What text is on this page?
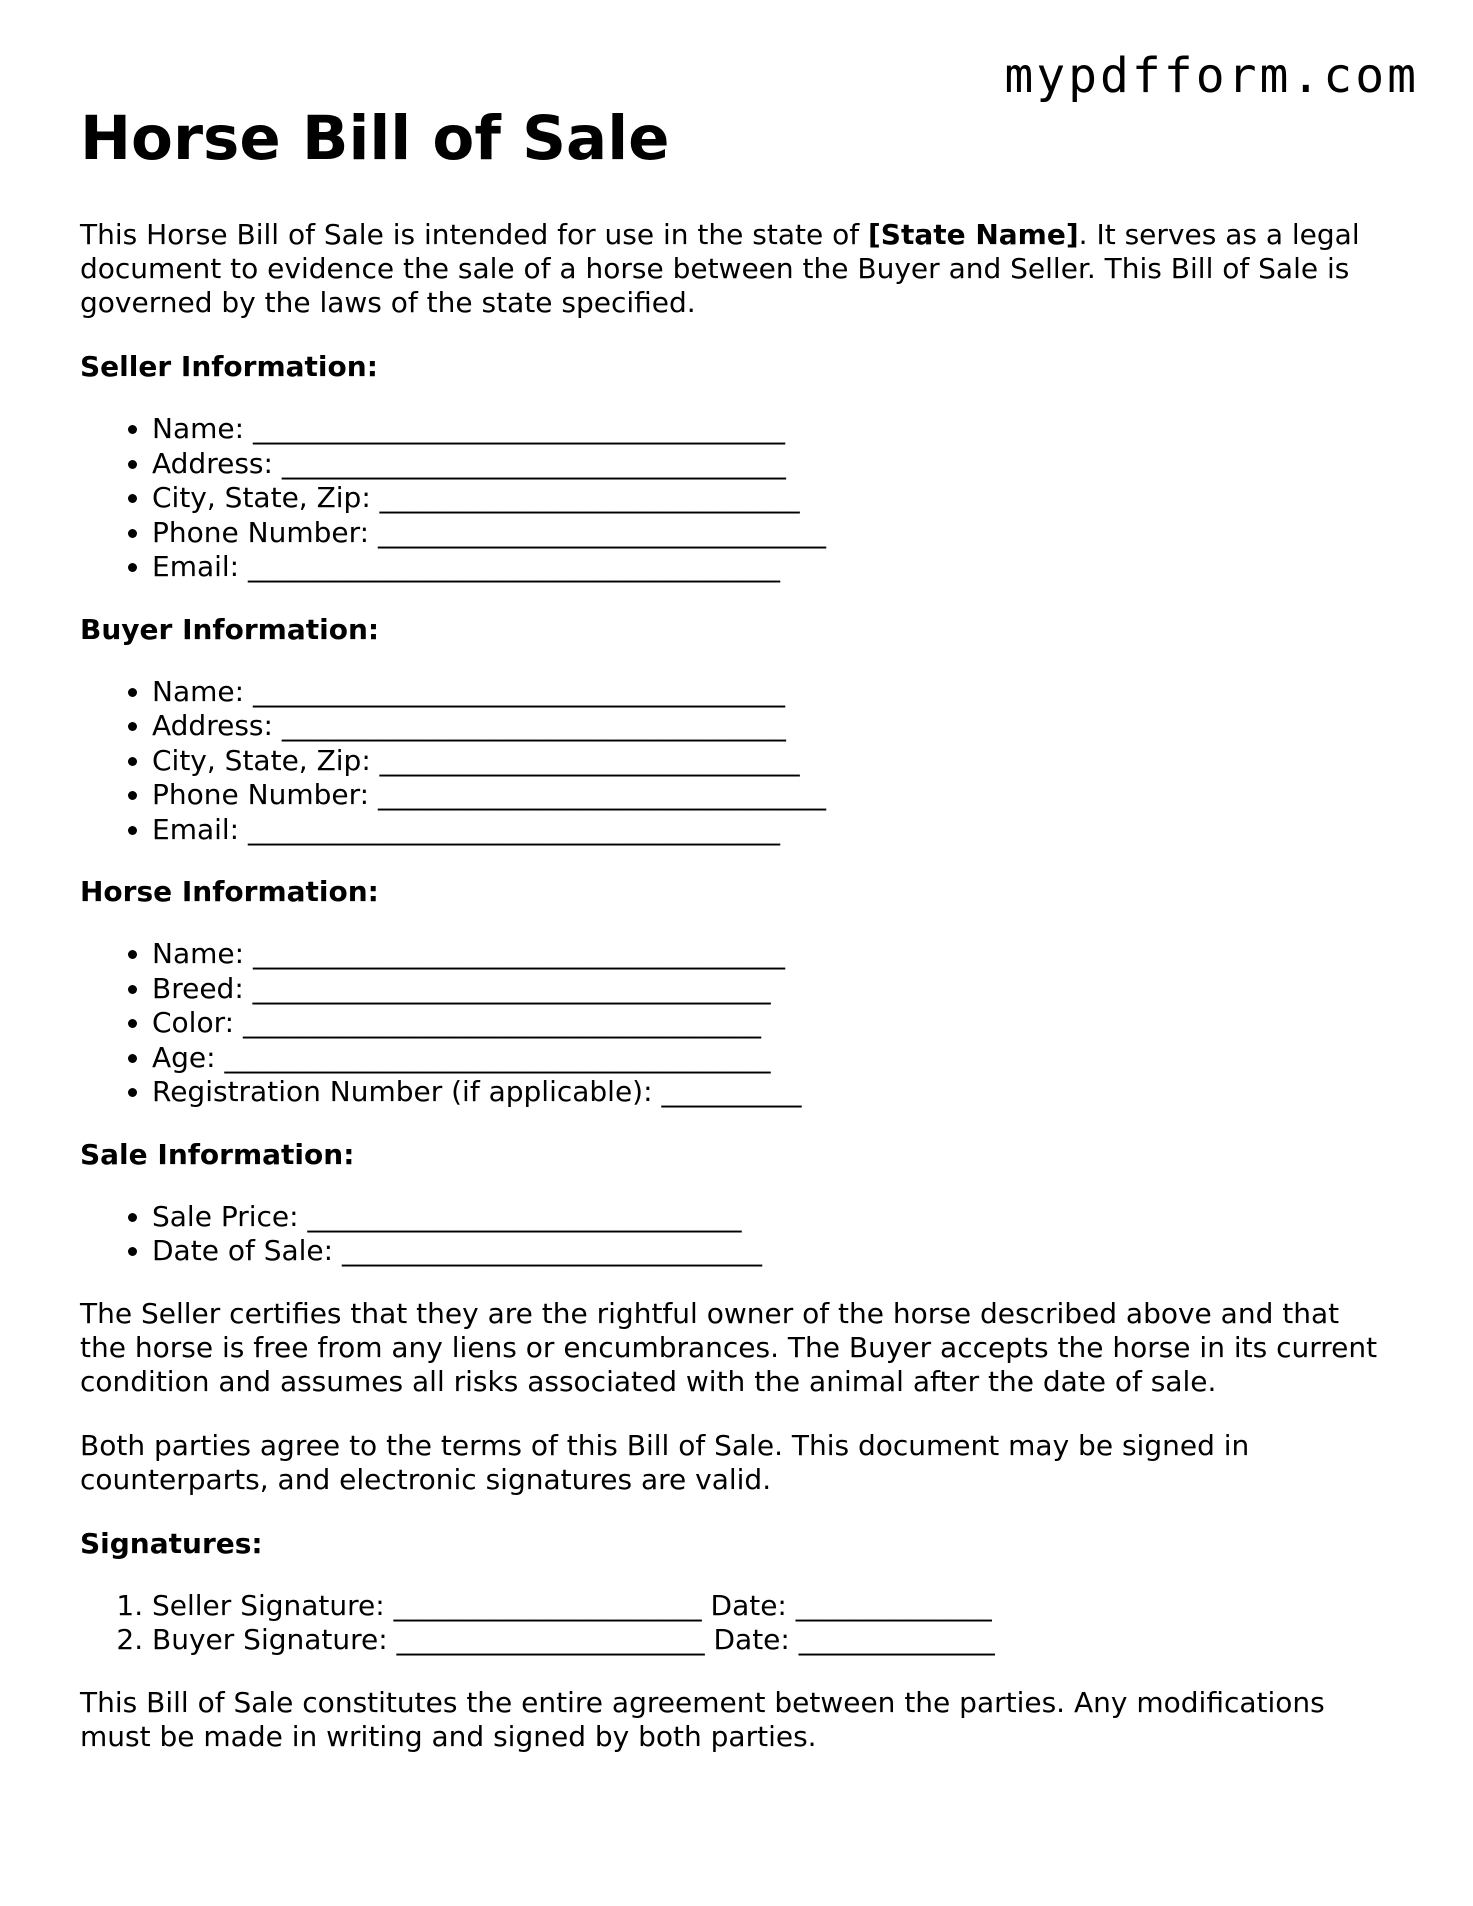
mypdfform.com
Horse Bill of Sale

This Horse Bill of Sale is intended for use in the state of [State Name]. It serves as a legal document to evidence the sale of a horse between the Buyer and Seller. This Bill of Sale is governed by the laws of the state specified.

Seller Information:
• Name: ______________________________________
• Address: ____________________________________
• City, State, Zip: ______________________________
• Phone Number: ________________________________
• Email: ______________________________________
Buyer Information:
• Name: ______________________________________
• Address: ____________________________________
• City, State, Zip: ______________________________
• Phone Number: ________________________________
• Email: ______________________________________
Horse Information:
• Name: ______________________________________
• Breed: _____________________________________
• Color: _____________________________________
• Age: _______________________________________
• Registration Number (if applicable): __________
Sale Information:
• Sale Price: _______________________________
• Date of Sale: ______________________________

The Seller certifies that they are the rightful owner of the horse described above and that the horse is free from any liens or encumbrances. The Buyer accepts the horse in its current condition and assumes all risks associated with the animal after the date of sale.

Both parties agree to the terms of this Bill of Sale. This document may be signed in counterparts, and electronic signatures are valid.

Signatures:
1. Seller Signature: ______________________ Date: ______________
2. Buyer Signature: ______________________ Date: ______________

This Bill of Sale constitutes the entire agreement between the parties. Any modifications must be made in writing and signed by both parties.
